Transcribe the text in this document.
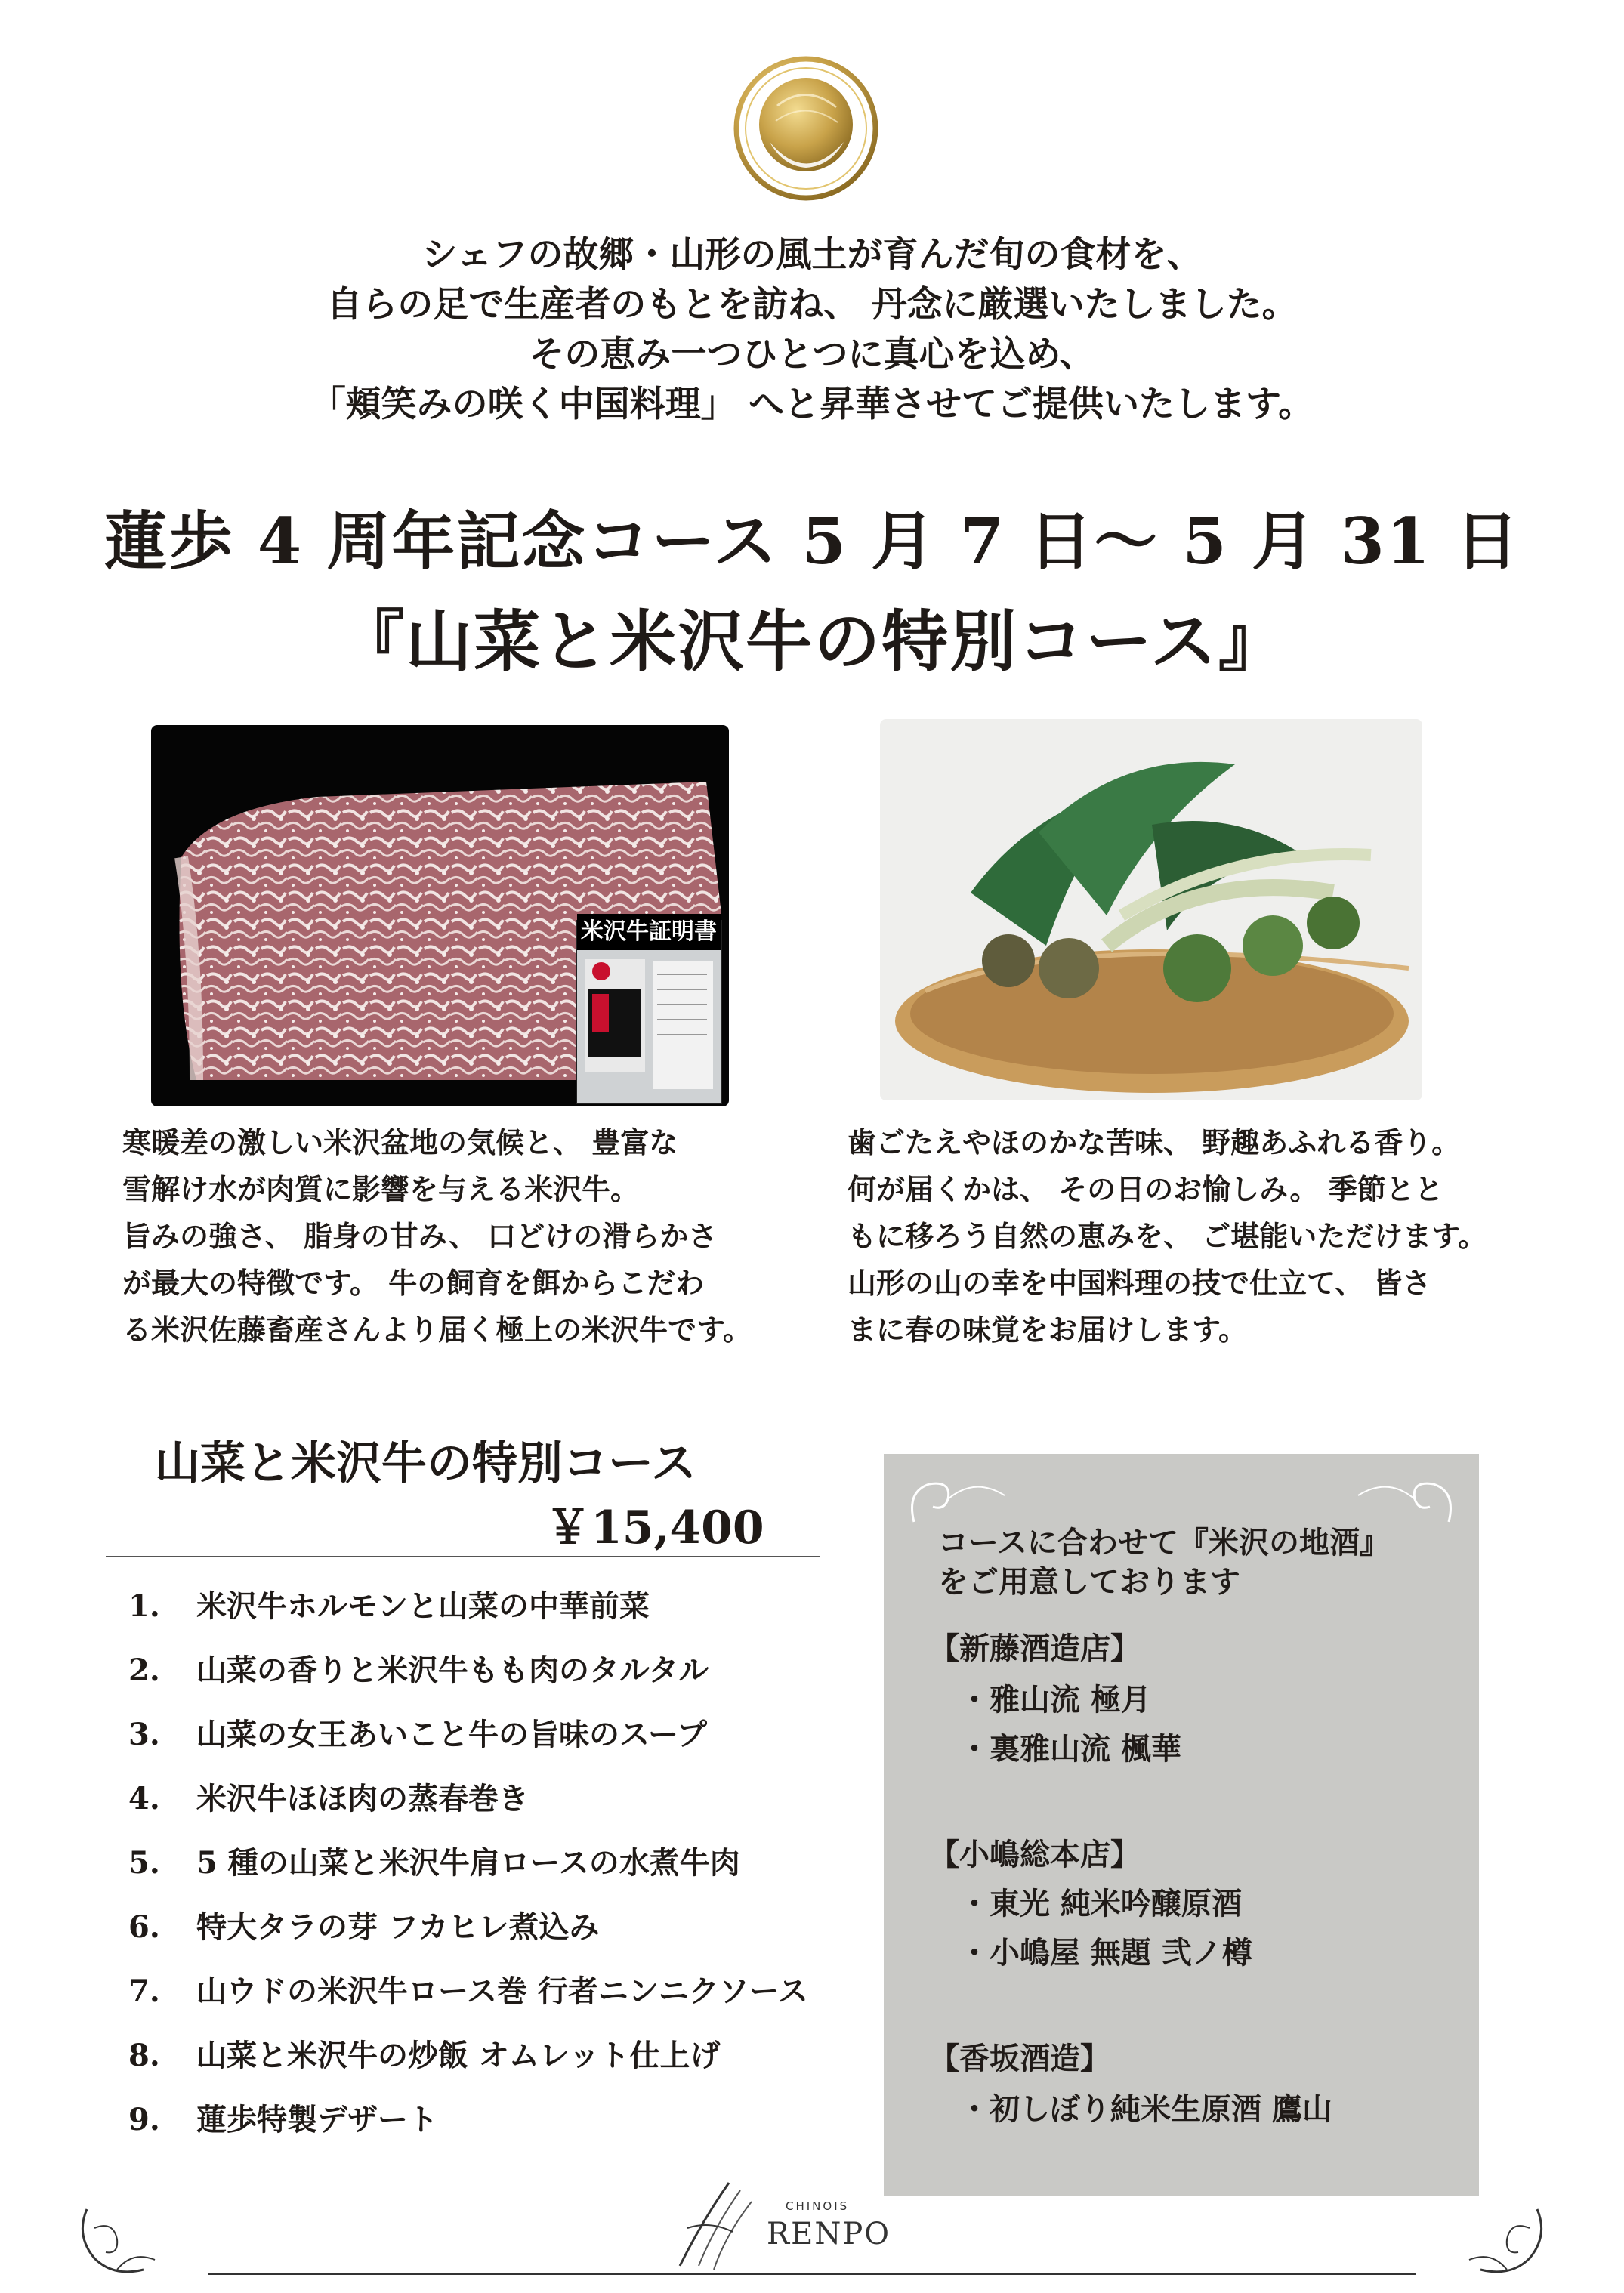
シェフの故郷・山形の風土が育んだ旬の食材を、
自らの足で生産者のもとを訪ね、 丹念に厳選いたしました。
その恵み一つひとつに真心を込め、
「頬笑みの咲く中国料理」 へと昇華させてご提供いたします。
蓮歩 4 周年記念コース 5 月 7 日～ 5 月 31 日
『山菜と米沢牛の特別コース』
米沢牛証明書
寒暖差の激しい米沢盆地の気候と、 豊富な
雪解け水が肉質に影響を与える米沢牛。
旨みの強さ、 脂身の甘み、 口どけの滑らかさ
が最大の特徴です。 牛の飼育を餌からこだわ
る米沢佐藤畜産さんより届く極上の米沢牛です。
歯ごたえやほのかな苦味、 野趣あふれる香り。
何が届くかは、 その日のお愉しみ。 季節とと
もに移ろう自然の恵みを、 ご堪能いただけます。
山形の山の幸を中国料理の技で仕立て、 皆さ
まに春の味覚をお届けします。
山菜と米沢牛の特別コース
￥15,400
1. 米沢牛ホルモンと山菜の中華前菜
2. 山菜の香りと米沢牛もも肉のタルタル
3. 山菜の女王あいこと牛の旨味のスープ
4. 米沢牛ほほ肉の蒸春巻き
5. 5 種の山菜と米沢牛肩ロースの水煮牛肉
6. 特大タラの芽 フカヒレ煮込み
7. 山ウドの米沢牛ロース巻 行者ニンニクソース
8. 山菜と米沢牛の炒飯 オムレット仕上げ
9. 蓮歩特製デザート
コースに合わせて『米沢の地酒』
をご用意しております
【新藤酒造店】
・雅山流 極月
・裏雅山流 楓華
【小嶋総本店】
・東光 純米吟醸原酒
・小嶋屋 無題 弐ノ樽
【香坂酒造】
・初しぼり純米生原酒 鷹山
CHINOIS
RENPO
